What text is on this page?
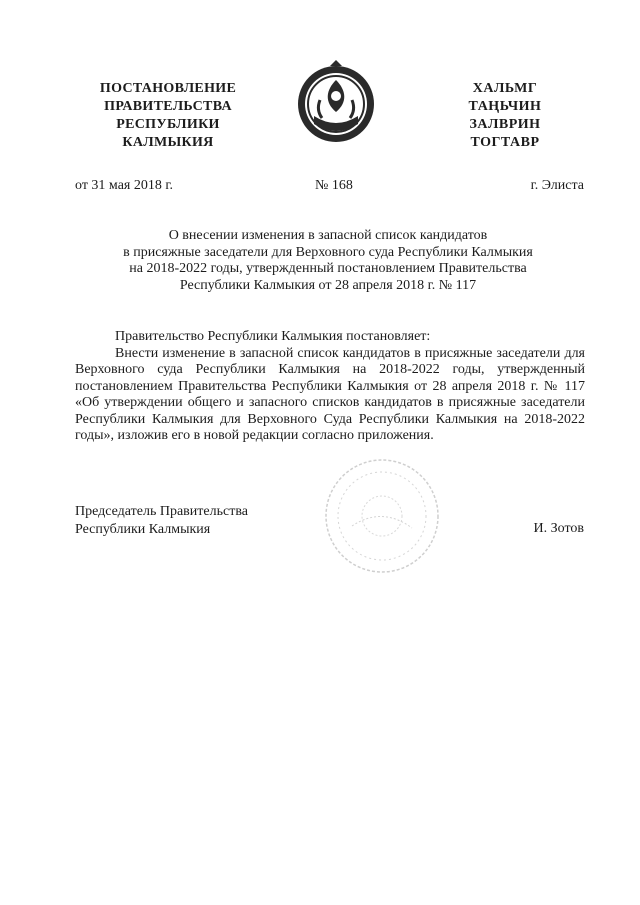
ПОСТАНОВЛЕНИЕ
ПРАВИТЕЛЬСТВА
РЕСПУБЛИКИ
КАЛМЫКИЯ
ХАЛЬМГ
ТАҢЬЧИН
ЗАЛВРИН
ТОГТАВР
от 31 мая 2018 г.	№ 168	г. Элиста
О внесении изменения в запасной список кандидатов
в присяжные заседатели для Верховного суда Республики Калмыкия
на 2018-2022 годы, утвержденный постановлением Правительства
Республики Калмыкия от 28 апреля 2018 г. № 117

Правительство Республики Калмыкия постановляет:

Внести изменение в запасной список кандидатов в присяжные заседатели для Верховного суда Республики Калмыкия на 2018-2022 годы, утвержденный постановлением Правительства Республики Калмыкия от 28 апреля 2018 г. № 117 «Об утверждении общего и запасного списков кандидатов в присяжные заседатели Республики Калмыкия для Верховного Суда Республики Калмыкия на 2018-2022 годы», изложив его в новой редакции согласно приложения.

Председатель Правительства
Республики Калмыкия	И. Зотов
